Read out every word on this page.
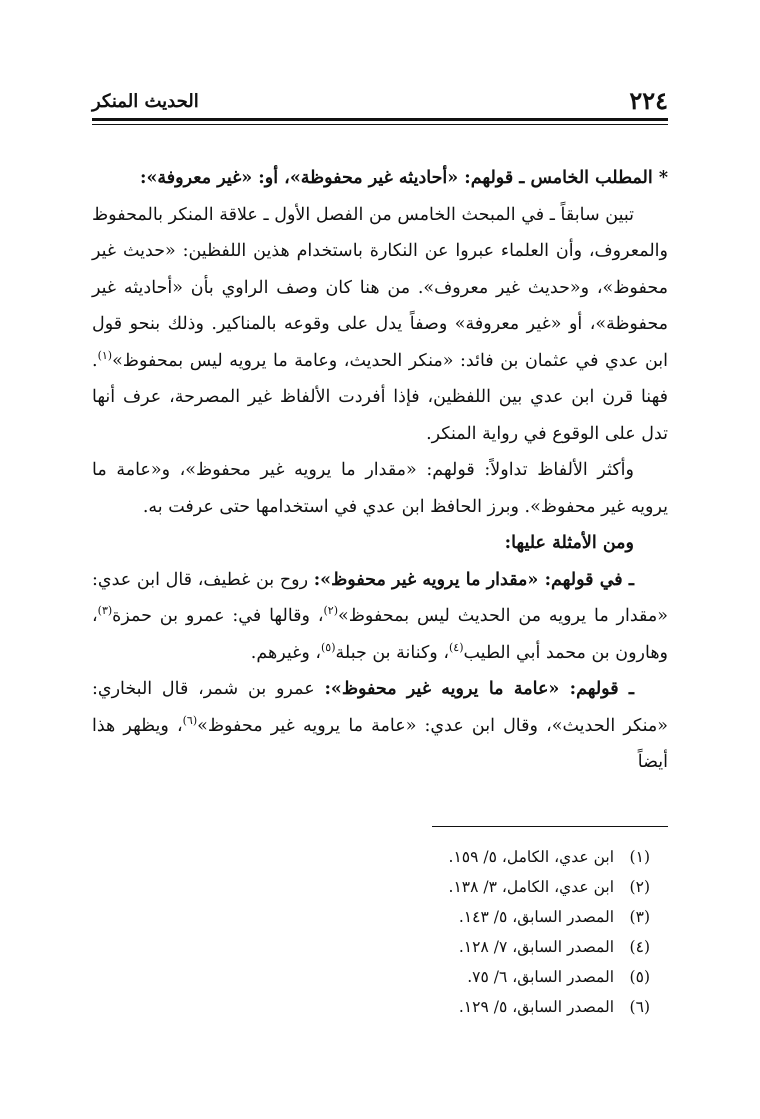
٢٢٤
الحديث المنكر

* المطلب الخامس ـ قولهم: «أحاديثه غير محفوظة»، أو: «غير معروفة»:

تبين سابقاً ـ في المبحث الخامس من الفصل الأول ـ علاقة المنكر بالمحفوظ والمعروف، وأن العلماء عبروا عن النكارة باستخدام هذين اللفظين: «حديث غير محفوظ»، و«حديث غير معروف». من هنا كان وصف الراوي بأن «أحاديثه غير محفوظة»، أو «غير معروفة» وصفاً يدل على وقوعه بالمناكير. وذلك بنحو قول ابن عدي في عثمان بن فائد: «منكر الحديث، وعامة ما يرويه ليس بمحفوظ»$^{(١)}$. فهنا قرن ابن عدي بين اللفظين، فإذا أفردت الألفاظ غير المصرحة، عرف أنها تدل على الوقوع في رواية المنكر.

وأكثر الألفاظ تداولاً: قولهم: «مقدار ما يرويه غير محفوظ»، و«عامة ما يرويه غير محفوظ». وبرز الحافظ ابن عدي في استخدامها حتى عرفت به.

ومن الأمثلة عليها:

ـ في قولهم: «مقدار ما يرويه غير محفوظ»: روح بن غطيف، قال ابن عدي: «مقدار ما يرويه من الحديث ليس بمحفوظ»$^{(٢)}$، وقالها في: عمرو بن حمزة$^{(٣)}$، وهارون بن محمد أبي الطيب$^{(٤)}$، وكنانة بن جبلة$^{(٥)}$، وغيرهم.

ـ قولهم: «عامة ما يرويه غير محفوظ»: عمرو بن شمر، قال البخاري: «منكر الحديث»، وقال ابن عدي: «عامة ما يرويه غير محفوظ»$^{(٦)}$، ويظهر هذا أيضاً

(١)
ابن عدي، الكامل، ٥/ ١٥٩.
(٢)
ابن عدي، الكامل، ٣/ ١٣٨.
(٣)
المصدر السابق، ٥/ ١٤٣.
(٤)
المصدر السابق، ٧/ ١٢٨.
(٥)
المصدر السابق، ٦/ ٧٥.
(٦)
المصدر السابق، ٥/ ١٢٩.
